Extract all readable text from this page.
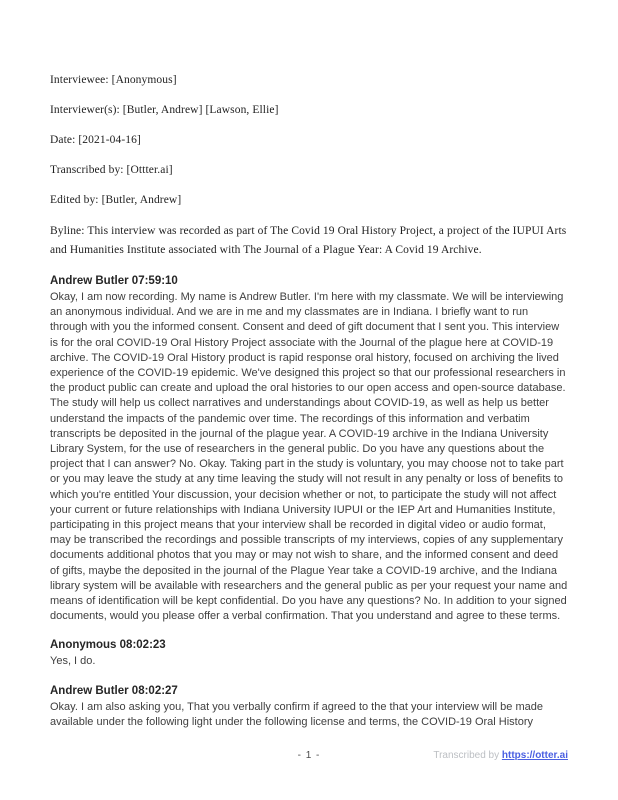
Interviewee: [Anonymous]

Interviewer(s): [Butler, Andrew] [Lawson, Ellie]

Date: [2021-04-16]

Transcribed by: [Ottter.ai]

Edited by: [Butler, Andrew]

Byline: This interview was recorded as part of The Covid 19 Oral History Project, a project of the IUPUI Arts and Humanities Institute associated with The Journal of a Plague Year: A Covid 19 Archive.

Andrew Butler 07:59:10

Okay, I am now recording. My name is Andrew Butler. I'm here with my classmate. We will be interviewing an anonymous individual. And we are in me and my classmates are in Indiana. I briefly want to run through with you the informed consent. Consent and deed of gift document that I sent you. This interview is for the oral COVID-19 Oral History Project associate with the Journal of the plague here at COVID-19 archive. The COVID-19 Oral History product is rapid response oral history, focused on archiving the lived experience of the COVID-19 epidemic. We've designed this project so that our professional researchers in the product public can create and upload the oral histories to our open access and open-source database. The study will help us collect narratives and understandings about COVID-19, as well as help us better understand the impacts of the pandemic over time. The recordings of this information and verbatim transcripts be deposited in the journal of the plague year. A COVID-19 archive in the Indiana University Library System, for the use of researchers in the general public. Do you have any questions about the project that I can answer? No. Okay. Taking part in the study is voluntary, you may choose not to take part or you may leave the study at any time leaving the study will not result in any penalty or loss of benefits to which you're entitled Your discussion, your decision whether or not, to participate the study will not affect your current or future relationships with Indiana University IUPUI or the IEP Art and Humanities Institute, participating in this project means that your interview shall be recorded in digital video or audio format, may be transcribed the recordings and possible transcripts of my interviews, copies of any supplementary documents additional photos that you may or may not wish to share, and the informed consent and deed of gifts, maybe the deposited in the journal of the Plague Year take a COVID-19 archive, and the Indiana library system will be available with researchers and the general public as per your request your name and means of identification will be kept confidential. Do you have any questions? No. In addition to your signed documents, would you please offer a verbal confirmation. That you understand and agree to these terms.

Anonymous 08:02:23

Yes, I do.

Andrew Butler 08:02:27

Okay. I am also asking you, That you verbally confirm if agreed to the that your interview will be made available under the following light under the following license and terms, the COVID-19 Oral History

- 1 -	Transcribed by https://otter.ai
